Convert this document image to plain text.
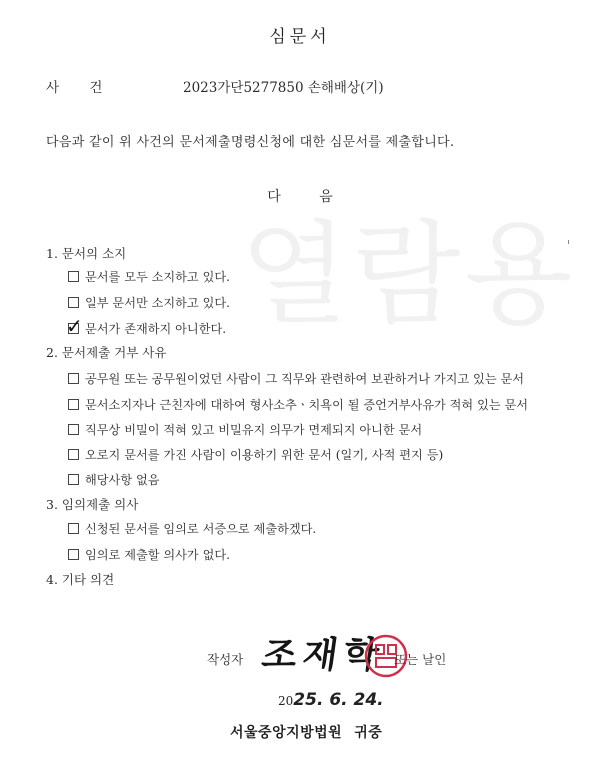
열람용
심문서
사 건	2023가단5277850 손해배상(기)
다음과 같이 위 사건의 문서제출명령신청에 대한 심문서를 제출합니다.
다 음
1. 문서의 소지
문서를 모두 소지하고 있다.
일부 문서만 소지하고 있다.
✓ 문서가 존재하지 아니한다.
2. 문서제출 거부 사유
공무원 또는 공무원이었던 사람이 그 직무와 관련하여 보관하거나 가지고 있는 문서
문서소지자나 근친자에 대하여 형사소추ㆍ치욕이 될 증언거부사유가 적혀 있는 문서
직무상 비밀이 적혀 있고 비밀유지 의무가 면제되지 아니한 문서
오로지 문서를 가진 사람이 이용하기 위한 문서 (일기, 사적 편지 등)
해당사항 없음
3. 임의제출 의사
신청된 문서를 임의로 서증으로 제출하겠다.
임의로 제출할 의사가 없다.
4. 기타 의견
작성자 조재학 또는 날인
2025. 6. 24.
서울중앙지방법원 귀중
